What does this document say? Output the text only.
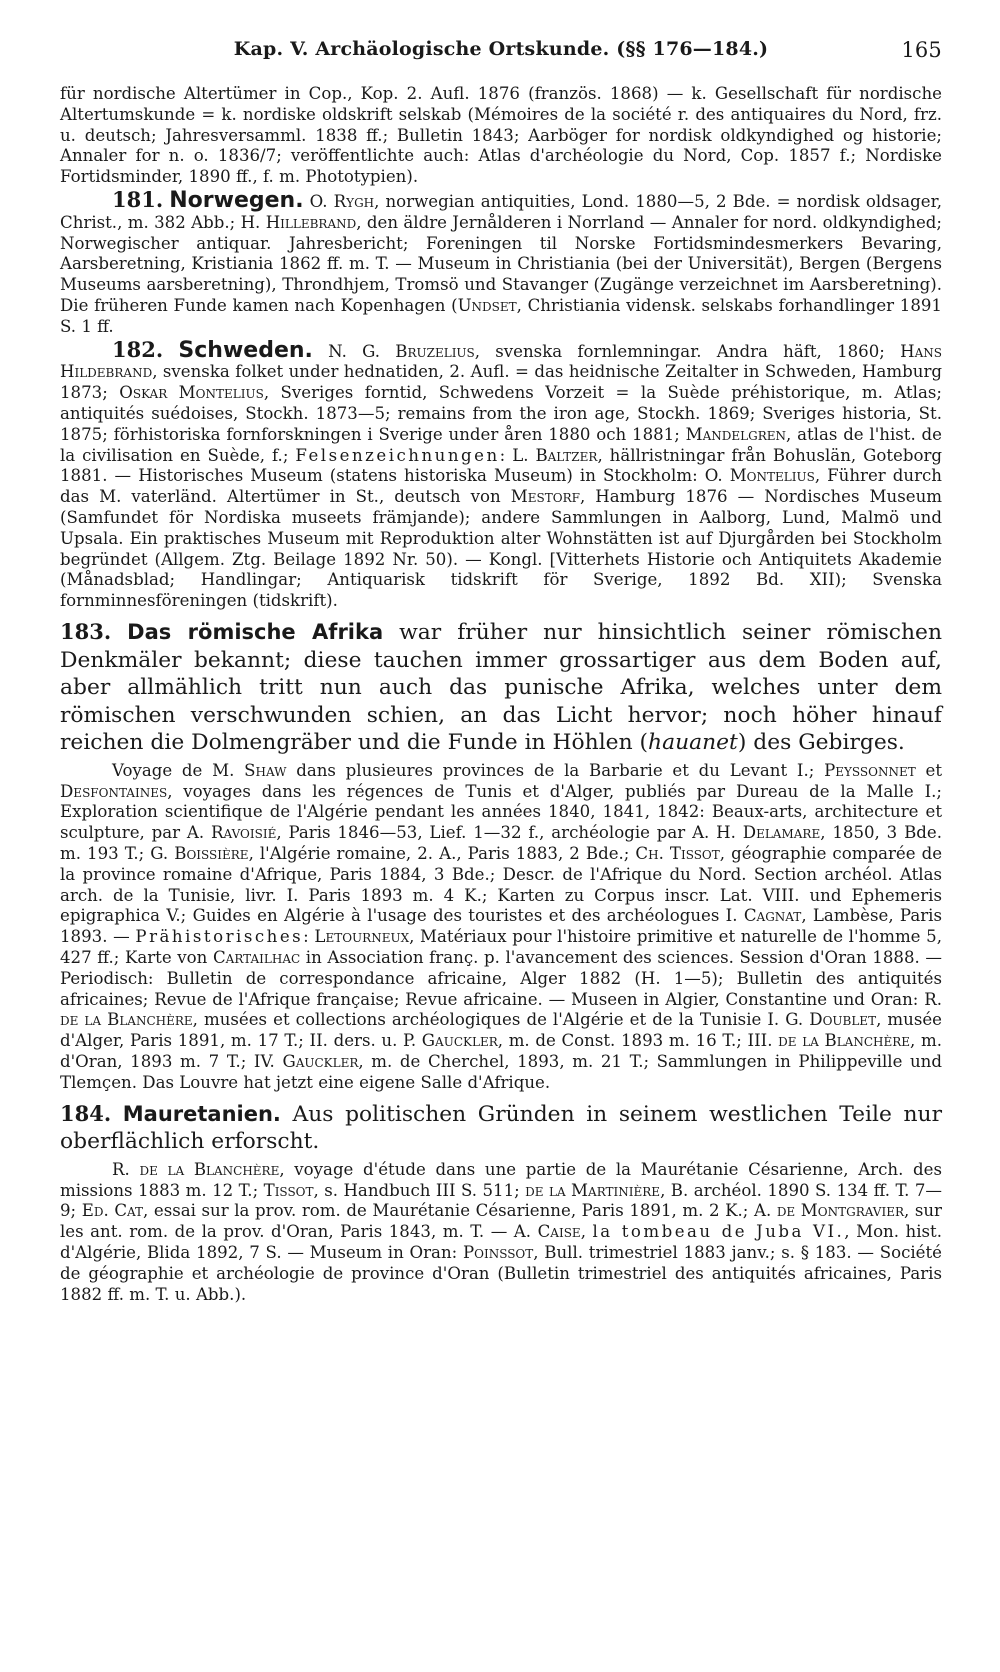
Kap. V. Archäologische Ortskunde. (§§ 176—184.)	165

für nordische Altertümer in Cop., Kop. 2. Aufl. 1876 (französ. 1868) — k. Gesellschaft für nordische Altertumskunde = k. nordiske oldskrift selskab (Mémoires de la société r. des antiquaires du Nord, frz. u. deutsch; Jahresversamml. 1838 ff.; Bulletin 1843; Aarböger for nordisk oldkyndighed og historie; Annaler for n. o. 1836/7; veröffentlichte auch: Atlas d'archéologie du Nord, Cop. 1857 f.; Nordiske Fortidsminder, 1890 ff., f. m. Phototypien).

181. Norwegen. O. Rygh, norwegian antiquities, Lond. 1880—5, 2 Bde. = nordisk oldsager, Christ., m. 382 Abb.; H. Hillebrand, den äldre Jernålderen i Norrland — Annaler for nord. oldkyndighed; Norwegischer antiquar. Jahresbericht; Foreningen til Norske Fortidsmindesmerkers Bevaring, Aarsberetning, Kristiania 1862 ff. m. T. — Museum in Christiania (bei der Universität), Bergen (Bergens Museums aarsberetning), Throndhjem, Tromsö und Stavanger (Zugänge verzeichnet im Aarsberetning). Die früheren Funde kamen nach Kopenhagen (Undset, Christiania vidensk. selskabs forhandlinger 1891 S. 1 ff.

182. Schweden. N. G. Bruzelius, svenska fornlemningar. Andra häft, 1860; Hans Hildebrand, svenska folket under hednatiden, 2. Aufl. = das heidnische Zeitalter in Schweden, Hamburg 1873; Oskar Montelius, Sveriges forntid, Schwedens Vorzeit = la Suède préhistorique, m. Atlas; antiquités suédoises, Stockh. 1873—5; remains from the iron age, Stockh. 1869; Sveriges historia, St. 1875; förhistoriska fornforskningen i Sverige under åren 1880 och 1881; Mandelgren, atlas de l'hist. de la civilisation en Suède, f.; Felsenzeichnungen: L. Baltzer, hällristningar från Bohuslän, Goteborg 1881. — Historisches Museum (statens historiska Museum) in Stockholm: O. Montelius, Führer durch das M. vaterländ. Altertümer in St., deutsch von Mestorf, Hamburg 1876 — Nordisches Museum (Samfundet för Nordiska museets främjande); andere Sammlungen in Aalborg, Lund, Malmö und Upsala. Ein praktisches Museum mit Reproduktion alter Wohnstätten ist auf Djurgården bei Stockholm begründet (Allgem. Ztg. Beilage 1892 Nr. 50). — Kongl. [Vitterhets Historie och Antiquitets Akademie (Månadsblad; Handlingar; Antiquarisk tidskrift för Sverige, 1892 Bd. XII); Svenska fornminnesföreningen (tidskrift).

183. Das römische Afrika war früher nur hinsichtlich seiner römischen Denkmäler bekannt; diese tauchen immer grossartiger aus dem Boden auf, aber allmählich tritt nun auch das punische Afrika, welches unter dem römischen verschwunden schien, an das Licht hervor; noch höher hinauf reichen die Dolmengräber und die Funde in Höhlen (hauanet) des Gebirges.

Voyage de M. Shaw dans plusieures provinces de la Barbarie et du Levant I.; Peyssonnet et Desfontaines, voyages dans les régences de Tunis et d'Alger, publiés par Dureau de la Malle I.; Exploration scientifique de l'Algérie pendant les années 1840, 1841, 1842: Beaux-arts, architecture et sculpture, par A. Ravoisié, Paris 1846—53, Lief. 1—32 f., archéologie par A. H. Delamare, 1850, 3 Bde. m. 193 T.; G. Boissière, l'Algérie romaine, 2. A., Paris 1883, 2 Bde.; Ch. Tissot, géographie comparée de la province romaine d'Afrique, Paris 1884, 3 Bde.; Descr. de l'Afrique du Nord. Section archéol. Atlas arch. de la Tunisie, livr. I. Paris 1893 m. 4 K.; Karten zu Corpus inscr. Lat. VIII. und Ephemeris epigraphica V.; Guides en Algérie à l'usage des touristes et des archéologues I. Cagnat, Lambèse, Paris 1893. — Prähistorisches: Letourneux, Matériaux pour l'histoire primitive et naturelle de l'homme 5, 427 ff.; Karte von Cartailhac in Association franç. p. l'avancement des sciences. Session d'Oran 1888. — Periodisch: Bulletin de correspondance africaine, Alger 1882 (H. 1—5); Bulletin des antiquités africaines; Revue de l'Afrique française; Revue africaine. — Museen in Algier, Constantine und Oran: R. de la Blanchère, musées et collections archéologiques de l'Algérie et de la Tunisie I. G. Doublet, musée d'Alger, Paris 1891, m. 17 T.; II. ders. u. P. Gauckler, m. de Const. 1893 m. 16 T.; III. de la Blanchère, m. d'Oran, 1893 m. 7 T.; IV. Gauckler, m. de Cherchel, 1893, m. 21 T.; Sammlungen in Philippeville und Tlemçen. Das Louvre hat jetzt eine eigene Salle d'Afrique.

184. Mauretanien. Aus politischen Gründen in seinem westlichen Teile nur oberflächlich erforscht.

R. de la Blanchère, voyage d'étude dans une partie de la Maurétanie Césarienne, Arch. des missions 1883 m. 12 T.; Tissot, s. Handbuch III S. 511; de la Martinière, B. archéol. 1890 S. 134 ff. T. 7—9; Ed. Cat, essai sur la prov. rom. de Maurétanie Césarienne, Paris 1891, m. 2 K.; A. de Montgravier, sur les ant. rom. de la prov. d'Oran, Paris 1843, m. T. — A. Caise, la tombeau de Juba VI., Mon. hist. d'Algérie, Blida 1892, 7 S. — Museum in Oran: Poinssot, Bull. trimestriel 1883 janv.; s. § 183. — Société de géographie et archéologie de province d'Oran (Bulletin trimestriel des antiquités africaines, Paris 1882 ff. m. T. u. Abb.).
